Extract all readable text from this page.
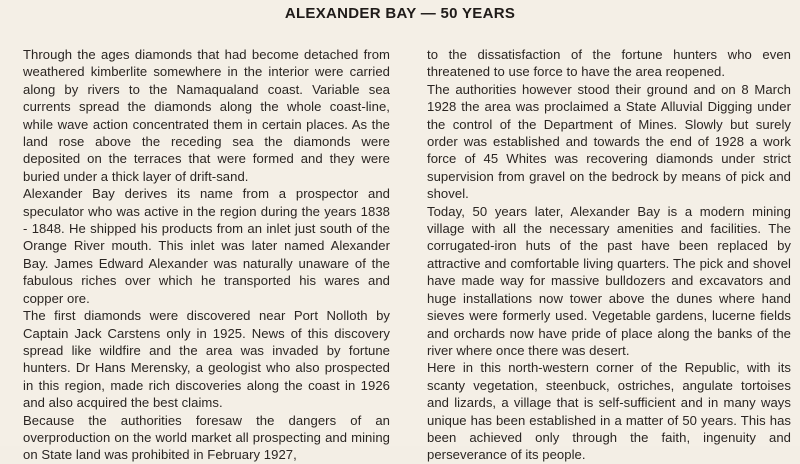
ALEXANDER BAY — 50 YEARS

Through the ages diamonds that had become detached from weathered kimberlite somewhere in the interior were carried along by rivers to the Namaqualand coast. Variable sea currents spread the diamonds along the whole coast-line, while wave action concentrated them in certain places. As the land rose above the receding sea the diamonds were deposited on the terraces that were formed and they were buried under a thick layer of drift-sand.

Alexander Bay derives its name from a prospector and speculator who was active in the region during the years 1838 - 1848. He shipped his products from an inlet just south of the Orange River mouth. This inlet was later named Alexander Bay. James Edward Alexander was naturally unaware of the fabulous riches over which he transported his wares and copper ore.

The first diamonds were discovered near Port Nolloth by Captain Jack Carstens only in 1925. News of this discovery spread like wildfire and the area was invaded by fortune hunters. Dr Hans Merensky, a geologist who also prospected in this region, made rich discoveries along the coast in 1926 and also acquired the best claims.

Because the authorities foresaw the dangers of an overproduction on the world market all prospecting and mining on State land was prohibited in February 1927,

to the dissatisfaction of the fortune hunters who even threatened to use force to have the area reopened.

The authorities however stood their ground and on 8 March 1928 the area was proclaimed a State Alluvial Digging under the control of the Department of Mines. Slowly but surely order was established and towards the end of 1928 a work force of 45 Whites was recovering diamonds under strict supervision from gravel on the bedrock by means of pick and shovel.

Today, 50 years later, Alexander Bay is a modern mining village with all the necessary amenities and facilities. The corrugated-iron huts of the past have been replaced by attractive and comfortable living quarters. The pick and shovel have made way for massive bulldozers and excavators and huge installations now tower above the dunes where hand sieves were formerly used. Vegetable gardens, lucerne fields and orchards now have pride of place along the banks of the river where once there was desert.

Here in this north-western corner of the Republic, with its scanty vegetation, steenbuck, ostriches, angulate tortoises and lizards, a village that is self-sufficient and in many ways unique has been established in a matter of 50 years. This has been achieved only through the faith, ingenuity and perseverance of its people.
